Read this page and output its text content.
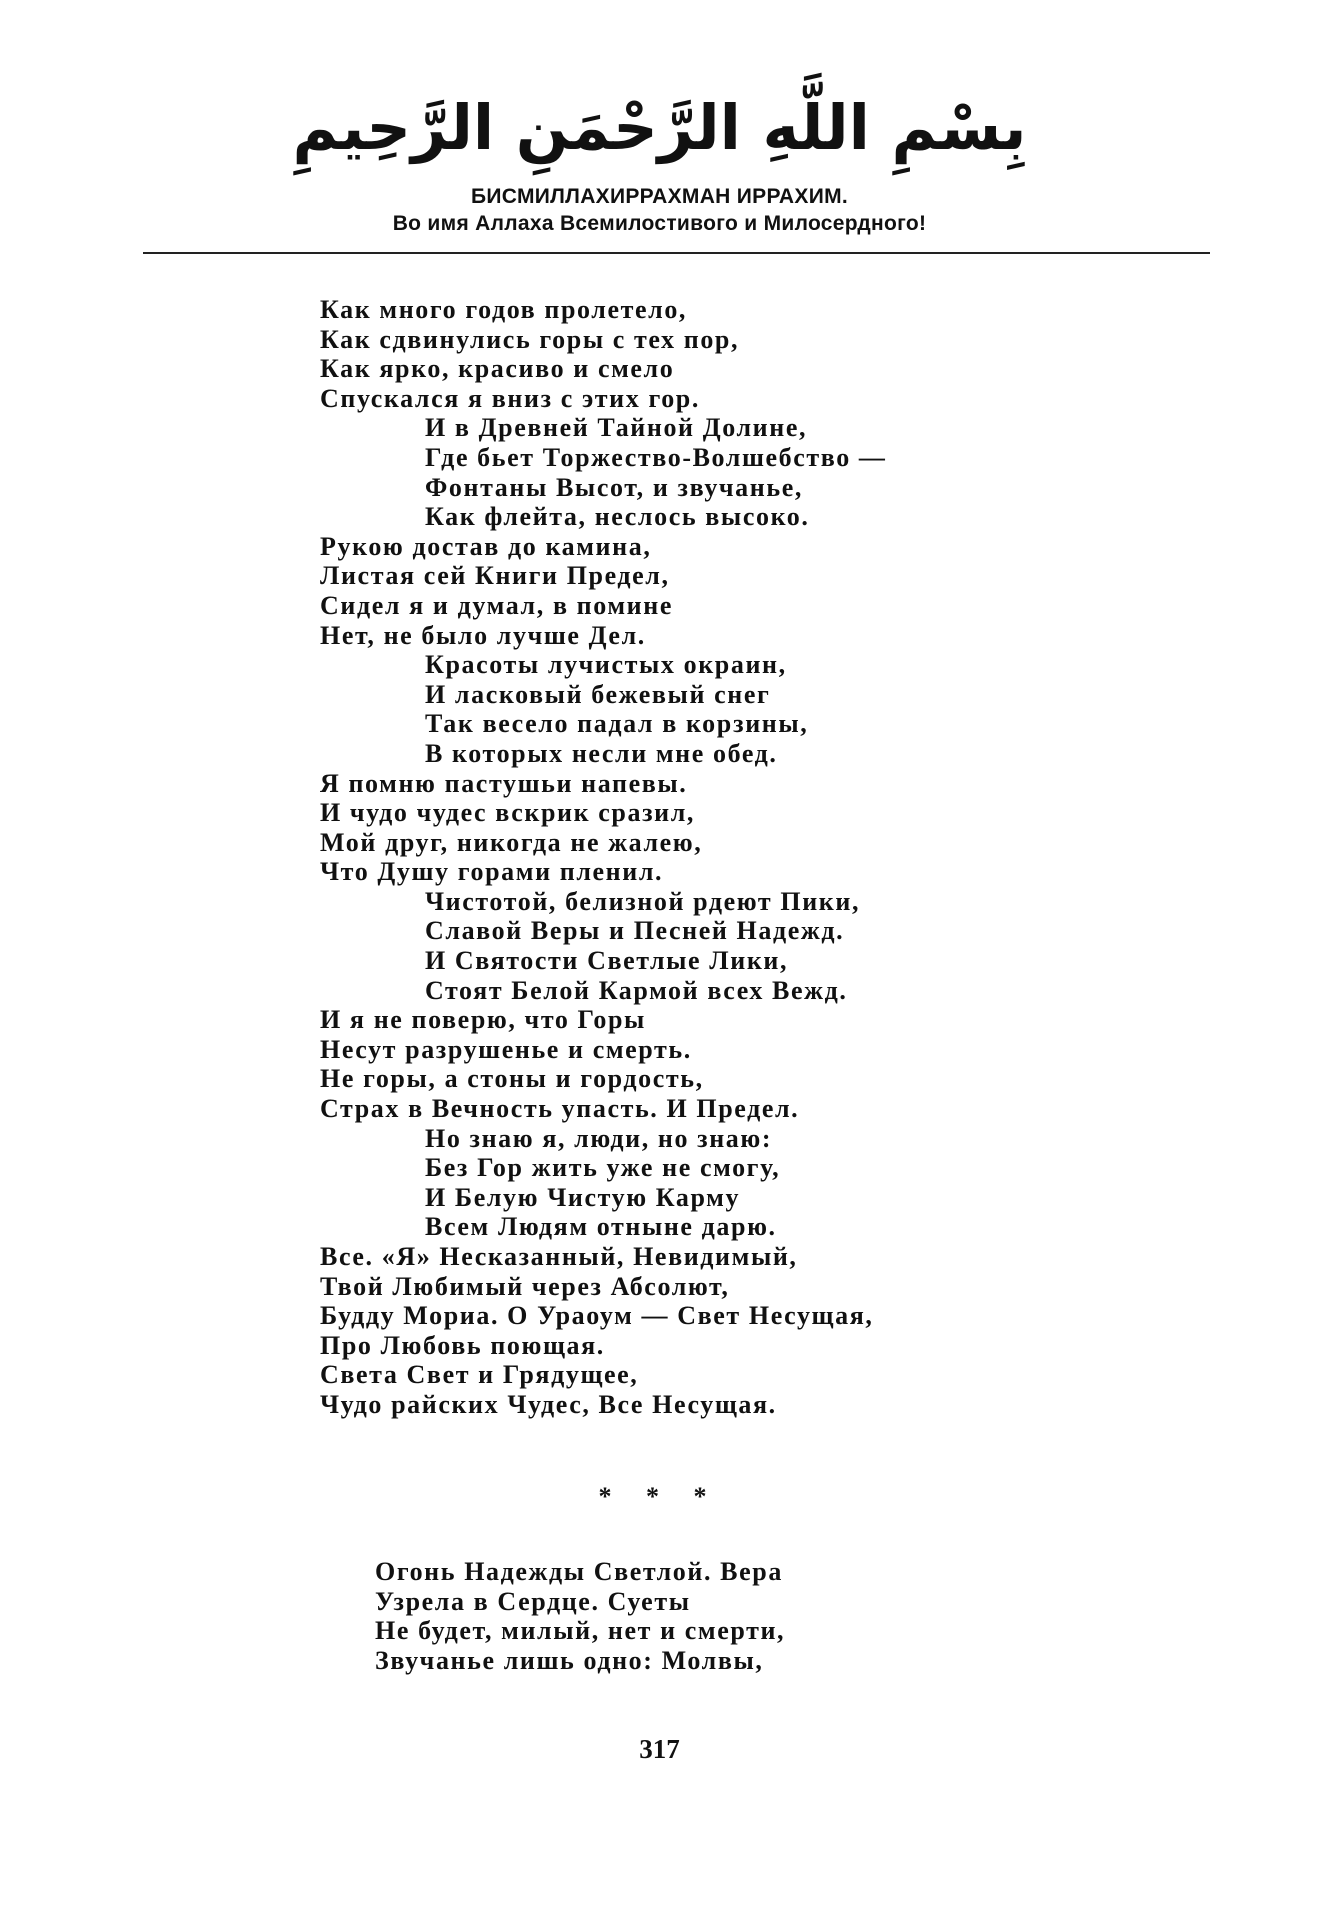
بِسْمِ اللَّهِ الرَّحْمَنِ الرَّحِيمِ
БИСМИЛЛАХИРРАХМАН ИРРАХИМ.
Во имя Аллаха Всемилостивого и Милосердного!
Как много годов пролетело,
Как сдвинулись горы с тех пор,
Как ярко, красиво и смело
Спускался я вниз с этих гор.
И в Древней Тайной Долине,
Где бьет Торжество-Волшебство —
Фонтаны Высот, и звучанье,
Как флейта, неслось высоко.
Рукою достав до камина,
Листая сей Книги Предел,
Сидел я и думал, в помине
Нет, не было лучше Дел.
Красоты лучистых окраин,
И ласковый бежевый снег
Так весело падал в корзины,
В которых несли мне обед.
Я помню пастушьи напевы.
И чудо чудес вскрик сразил,
Мой друг, никогда не жалею,
Что Душу горами пленил.
Чистотой, белизной рдеют Пики,
Славой Веры и Песней Надежд.
И Святости Светлые Лики,
Стоят Белой Кармой всех Вежд.
И я не поверю, что Горы
Несут разрушенье и смерть.
Не горы, а стоны и гордость,
Страх в Вечность упасть. И Предел.
Но знаю я, люди, но знаю:
Без Гор жить уже не смогу,
И Белую Чистую Карму
Всем Людям отныне дарю.
Все. «Я» Несказанный, Невидимый,
Твой Любимый через Абсолют,
Будду Мориа. О Ураоум — Свет Несущая,
Про Любовь поющая.
Света Свет и Грядущее,
Чудо райских Чудес, Все Несущая.
* * *
Огонь Надежды Светлой. Вера
Узрела в Сердце. Суеты
Не будет, милый, нет и смерти,
Звучанье лишь одно: Молвы,
317
